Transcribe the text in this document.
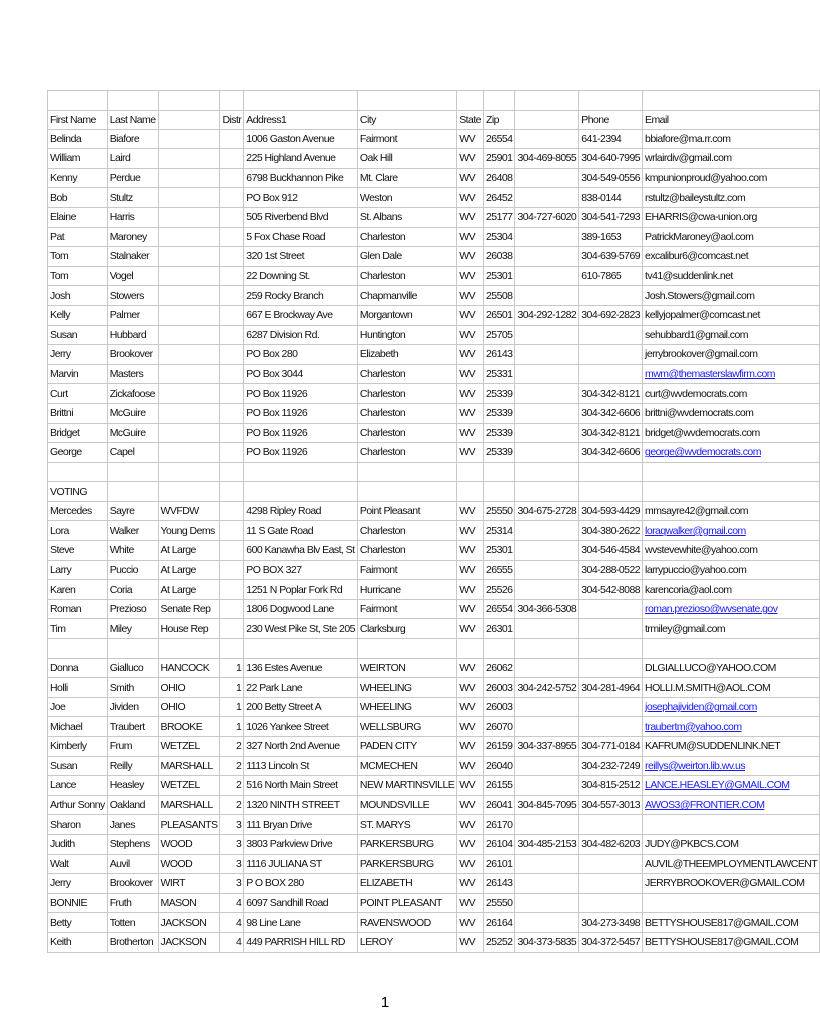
First Name	Last Name		Distr	Address1	City	State	Zip		Phone	Email
Belinda	Biafore			1006 Gaston Avenue	Fairmont	WV	26554		641-2394	bbiafore@ma.rr.com
William	Laird			225 Highland Avenue	Oak Hill	WV	25901	304-469-8055	304-640-7995	wrlairdiv@gmail.com
Kenny	Perdue			6798 Buckhannon Pike	Mt. Clare	WV	26408		304-549-0556	kmpunionproud@yahoo.com
Bob	Stultz			PO Box 912	Weston	WV	26452		838-0144	rstultz@baileystultz.com
Elaine	Harris			505 Riverbend Blvd	St. Albans	WV	25177	304-727-6020	304-541-7293	EHARRIS@cwa-union.org
Pat	Maroney			5 Fox Chase Road	Charleston	WV	25304		389-1653	PatrickMaroney@aol.com
Tom	Stalnaker			320 1st Street	Glen Dale	WV	26038		304-639-5769	excalibur6@comcast.net
Tom	Vogel			22 Downing St.	Charleston	WV	25301		610-7865	tv41@suddenlink.net
Josh	Stowers			259 Rocky Branch	Chapmanville	WV	25508			Josh.Stowers@gmail.com
Kelly	Palmer			667 E Brockway Ave	Morgantown	WV	26501	304-292-1282	304-692-2823	kellyjopalmer@comcast.net
Susan	Hubbard			6287 Division Rd.	Huntington	WV	25705			sehubbard1@gmail.com
Jerry	Brookover			PO Box 280	Elizabeth	WV	26143			jerrybrookover@gmail.com
Marvin	Masters			PO Box 3044	Charleston	WV	25331			mwm@themasterslawfirm.com
Curt	Zickafoose			PO Box 11926	Charleston	WV	25339		304-342-8121	curt@wvdemocrats.com
Brittni	McGuire			PO Box 11926	Charleston	WV	25339		304-342-6606	brittni@wvdemocrats.com
Bridget	McGuire			PO Box 11926	Charleston	WV	25339		304-342-8121	bridget@wvdemocrats.com
George	Capel			PO Box 11926	Charleston	WV	25339		304-342-6606	george@wvdemocrats.com

VOTING										
Mercedes	Sayre	WVFDW		4298 Ripley Road	Point Pleasant	WV	25550	304-675-2728	304-593-4429	mmsayre42@gmail.com
Lora	Walker	Young Dems		11 S Gate Road	Charleston	WV	25314		304-380-2622	loraqwalker@gmail.com
Steve	White	At Large		600 Kanawha Blv East, St	Charleston	WV	25301		304-546-4584	wvstevewhite@yahoo.com
Larry	Puccio	At Large		PO BOX 327	Fairmont	WV	26555		304-288-0522	larrypuccio@yahoo.com
Karen	Coria	At Large		1251 N Poplar Fork Rd	Hurricane	WV	25526		304-542-8088	karencoria@aol.com
Roman	Prezioso	Senate Rep		1806 Dogwood Lane	Fairmont	WV	26554	304-366-5308		roman.prezioso@wvsenate.gov
Tim	Miley	House Rep		230 West Pike St, Ste 205	Clarksburg	WV	26301			trmiley@gmail.com

Donna	Gialluco	HANCOCK	1	136 Estes Avenue	WEIRTON	WV	26062			DLGIALLUCO@YAHOO.COM
Holli	Smith	OHIO	1	22 Park Lane	WHEELING	WV	26003	304-242-5752	304-281-4964	HOLLI.M.SMITH@AOL.COM
Joe	Jividen	OHIO	1	200 Betty Street A	WHEELING	WV	26003			josephajividen@gmail.com
Michael	Traubert	BROOKE	1	1026 Yankee Street	WELLSBURG	WV	26070			traubertm@yahoo.com
Kimberly	Frum	WETZEL	2	327 North 2nd Avenue	PADEN CITY	WV	26159	304-337-8955	304-771-0184	KAFRUM@SUDDENLINK.NET
Susan	Reilly	MARSHALL	2	1113 Lincoln St	MCMECHEN	WV	26040		304-232-7249	reillys@weirton.lib.wv.us
Lance	Heasley	WETZEL	2	516 North Main Street	NEW MARTINSVILLE	WV	26155		304-815-2512	LANCE.HEASLEY@GMAIL.COM
Arthur Sonny	Oakland	MARSHALL	2	1320 NINTH STREET	MOUNDSVILLE	WV	26041	304-845-7095	304-557-3013	AWOS3@FRONTIER.COM
Sharon	Janes	PLEASANTS	3	111 Bryan Drive	ST. MARYS	WV	26170			
Judith	Stephens	WOOD	3	3803 Parkview Drive	PARKERSBURG	WV	26104	304-485-2153	304-482-6203	JUDY@PKBCS.COM
Walt	Auvil	WOOD	3	1116 JULIANA ST	PARKERSBURG	WV	26101			AUVIL@THEEMPLOYMENTLAWCENT
Jerry	Brookover	WIRT	3	P O BOX 280	ELIZABETH	WV	26143			JERRYBROOKOVER@GMAIL.COM
BONNIE	Fruth	MASON	4	6097 Sandhill Road	POINT PLEASANT	WV	25550			
Betty	Totten	JACKSON	4	98 Line Lane	RAVENSWOOD	WV	26164		304-273-3498	BETTYSHOUSE817@GMAIL.COM
Keith	Brotherton	JACKSON	4	449 PARRISH HILL RD	LEROY	WV	25252	304-373-5835	304-372-5457	BETTYSHOUSE817@GMAIL.COM
1
